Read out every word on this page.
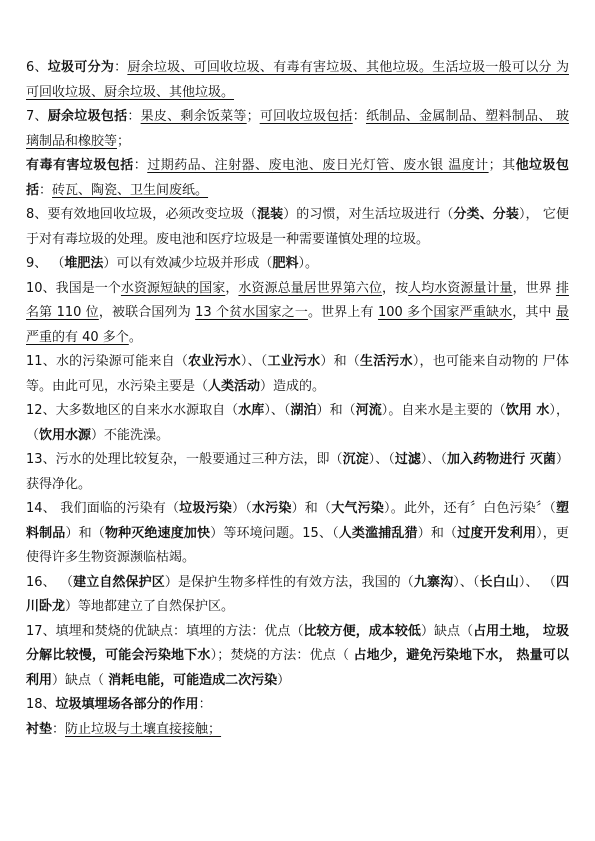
6、垃圾可分为：厨余垃圾、可回收垃圾、有毒有害垃圾、其他垃圾。生活垃圾一般可以分 为可回收垃圾、厨余垃圾、其他垃圾。

7、厨余垃圾包括：果皮、剩余饭菜等；可回收垃圾包括：纸制品、金属制品、塑料制品、 玻璃制品和橡胶等；

有毒有害垃圾包括：过期药品、注射器、废电池、废日光灯管、废水银 温度计；其他垃圾包括：砖瓦、陶瓷、卫生间废纸。

8、要有效地回收垃圾，必须改变垃圾（混装）的习惯，对生活垃圾进行（分类、分装）， 它便于对有毒垃圾的处理。废电池和医疗垃圾是一种需要谨慎处理的垃圾。

9、 （堆肥法）可以有效减少垃圾并形成（肥料）。

10、我国是一个水资源短缺的国家，水资源总量居世界第六位，按人均水资源量计量，世界 排名第 110 位，被联合国列为 13 个贫水国家之一。世界上有 100 多个国家严重缺水，其中 最严重的有 40 多个。

11、水的污染源可能来自（农业污水）、（工业污水）和（生活污水），也可能来自动物的 尸体等。由此可见，水污染主要是（人类活动）造成的。

12、大多数地区的自来水水源取自（水库）、（湖泊）和（河流）。自来水是主要的（饮用 水），（饮用水源）不能洗澡。

13、污水的处理比较复杂，一般要通过三种方法，即（沉淀）、（过滤）、（加入药物进行 灭菌）获得净化。

14、 我们面临的污染有（垃圾污染）（水污染）和（大气污染）。此外，还有〞白色污染〞（塑料制品）和（物种灭绝速度加快）等环境问题。15、（人类滥捕乱猎）和（过度开发利用），更使得许多生物资源濒临枯竭。

16、 （建立自然保护区）是保护生物多样性的有效方法，我国的（九寨沟）、（长白山）、 （四川卧龙）等地都建立了自然保护区。

17、填埋和焚烧的优缺点：填埋的方法：优点（比较方便，成本较低）缺点（占用土地， 垃圾分解比较慢，可能会污染地下水）；焚烧的方法：优点（ 占地少，避免污染地下水， 热量可以利用）缺点（ 消耗电能，可能造成二次污染）

18、垃圾填埋场各部分的作用：

衬垫：防止垃圾与土壤直接接触；
